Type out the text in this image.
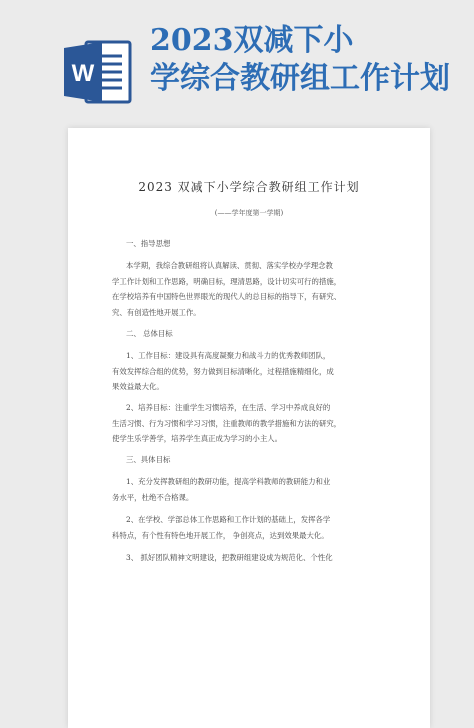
W
2023双减下小
学综合教研组工作计划
2023 双减下小学综合教研组工作计划
(——学年度第一学期)
一、指导思想
本学期，我综合教研组将认真解读、贯彻、落实学校办学理念教
学工作计划和工作思路，明确目标，理清思路，设计切实可行的措施，
在学校培养有中国特色世界眼光的现代人的总目标的指导下，有研究、
究、有创造性地开展工作。
二、 总体目标
1、工作目标：建设具有高度凝聚力和战斗力的优秀教师团队，
有效发挥综合组的优势，努力做到目标清晰化，过程措施精细化，成
果效益最大化。
2、培养目标：注重学生习惯培养，在生活、学习中养成良好的
生活习惯、行为习惯和学习习惯，注重教师的教学措施和方法的研究，
使学生乐学善学，培养学生真正成为学习的小主人。
三、具体目标
1、充分发挥教研组的教研功能，提高学科教师的教研能力和业
务水平，杜绝不合格课。
2、在学校、学部总体工作思路和工作计划的基础上，发挥各学
科特点，有个性有特色地开展工作， 争创亮点，达到效果最大化。
3、 抓好团队精神文明建设，把教研组建设成为规范化、个性化
